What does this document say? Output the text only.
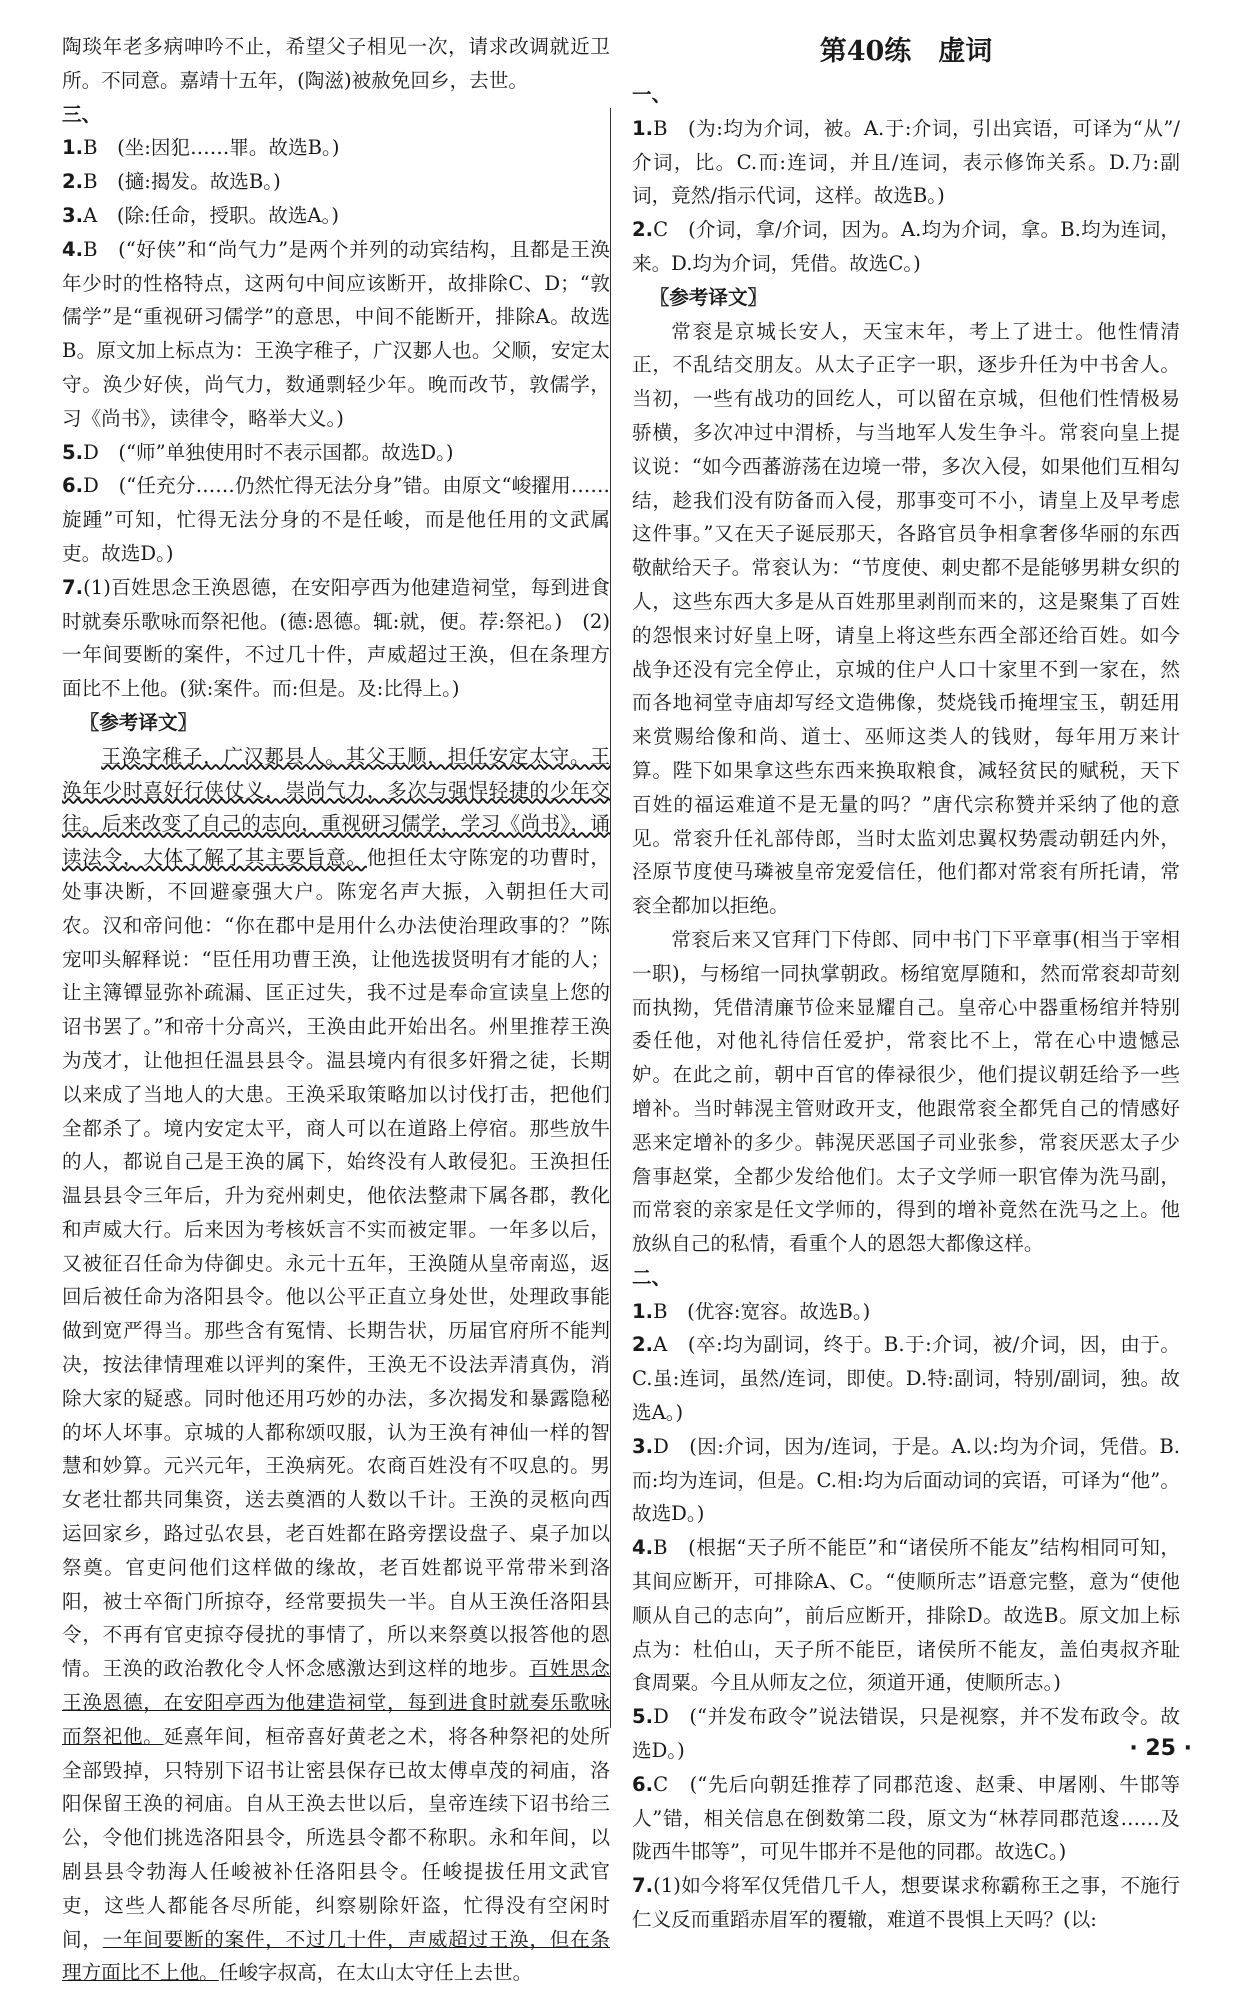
陶琰年老多病呻吟不止，希望父子相见一次，请求改调就近卫所。不同意。嘉靖十五年，(陶滋)被赦免回乡，去世。

三、

1.B　(坐:因犯……罪。故选B。)

2.B　(擿:揭发。故选B。)

3.A　(除:任命，授职。故选A。)

4.B　(“好侠”和“尚气力”是两个并列的动宾结构，且都是王涣年少时的性格特点，这两句中间应该断开，故排除C、D；“敦儒学”是“重视研习儒学”的意思，中间不能断开，排除A。故选B。原文加上标点为：王涣字稚子，广汉郪人也。父顺，安定太守。涣少好侠，尚气力，数通剽轻少年。晚而改节，敦儒学，习《尚书》，读律令，略举大义。)

5.D　(“师”单独使用时不表示国都。故选D。)

6.D　(“任充分……仍然忙得无法分身”错。由原文“峻擢用……旋踵”可知，忙得无法分身的不是任峻，而是他任用的文武属吏。故选D。)

7.(1)百姓思念王涣恩德，在安阳亭西为他建造祠堂，每到进食时就奏乐歌咏而祭祀他。(德:恩德。辄:就，便。荐:祭祀。)　(2)一年间要断的案件，不过几十件，声威超过王涣，但在条理方面比不上他。(狱:案件。而:但是。及:比得上。)

〖参考译文〗

王涣字稚子，广汉郪县人。其父王顺，担任安定太守。王涣年少时喜好行侠仗义，崇尚气力，多次与强悍轻捷的少年交往。后来改变了自己的志向，重视研习儒学，学习《尚书》，诵读法令，大体了解了其主要旨意。他担任太守陈宠的功曹时，处事决断，不回避豪强大户。陈宠名声大振，入朝担任大司农。汉和帝问他：“你在郡中是用什么办法使治理政事的？”陈宠叩头解释说：“臣任用功曹王涣，让他选拔贤明有才能的人；让主簿镡显弥补疏漏、匡正过失，我不过是奉命宣读皇上您的诏书罢了。”和帝十分高兴，王涣由此开始出名。州里推荐王涣为茂才，让他担任温县县令。温县境内有很多奸猾之徒，长期以来成了当地人的大患。王涣采取策略加以讨伐打击，把他们全都杀了。境内安定太平，商人可以在道路上停宿。那些放牛的人，都说自己是王涣的属下，始终没有人敢侵犯。王涣担任温县县令三年后，升为兖州刺史，他依法整肃下属各郡，教化和声威大行。后来因为考核妖言不实而被定罪。一年多以后，又被征召任命为侍御史。永元十五年，王涣随从皇帝南巡，返回后被任命为洛阳县令。他以公平正直立身处世，处理政事能做到宽严得当。那些含有冤情、长期告状，历届官府所不能判决，按法律情理难以评判的案件，王涣无不设法弄清真伪，消除大家的疑惑。同时他还用巧妙的办法，多次揭发和暴露隐秘的坏人坏事。京城的人都称颂叹服，认为王涣有神仙一样的智慧和妙算。元兴元年，王涣病死。农商百姓没有不叹息的。男女老壮都共同集资，送去奠酒的人数以千计。王涣的灵柩向西运回家乡，路过弘农县，老百姓都在路旁摆设盘子、桌子加以祭奠。官吏问他们这样做的缘故，老百姓都说平常带米到洛阳，被士卒衙门所掠夺，经常要损失一半。自从王涣任洛阳县令，不再有官吏掠夺侵扰的事情了，所以来祭奠以报答他的恩情。王涣的政治教化令人怀念感激达到这样的地步。百姓思念王涣恩德，在安阳亭西为他建造祠堂，每到进食时就奏乐歌咏而祭祀他。延熹年间，桓帝喜好黄老之术，将各种祭祀的处所全部毁掉，只特别下诏书让密县保存已故太傅卓茂的祠庙，洛阳保留王涣的祠庙。自从王涣去世以后，皇帝连续下诏书给三公，令他们挑选洛阳县令，所选县令都不称职。永和年间，以剧县县令勃海人任峻被补任洛阳县令。任峻提拔任用文武官吏，这些人都能各尽所能，纠察剔除奸盗，忙得没有空闲时间，一年间要断的案件，不过几十件，声威超过王涣，但在条理方面比不上他。任峻字叔高，在太山太守任上去世。

第40练　虚词

一、

1.B　(为:均为介词，被。A.于:介词，引出宾语，可译为“从”/介词，比。C.而:连词，并且/连词，表示修饰关系。D.乃:副词，竟然/指示代词，这样。故选B。)

2.C　(介词，拿/介词，因为。A.均为介词，拿。B.均为连词，来。D.均为介词，凭借。故选C。)

〖参考译文〗

常衮是京城长安人，天宝末年，考上了进士。他性情清正，不乱结交朋友。从太子正字一职，逐步升任为中书舍人。当初，一些有战功的回纥人，可以留在京城，但他们性情极易骄横，多次冲过中渭桥，与当地军人发生争斗。常衮向皇上提议说：“如今西蕃游荡在边境一带，多次入侵，如果他们互相勾结，趁我们没有防备而入侵，那事变可不小，请皇上及早考虑这件事。”又在天子诞辰那天，各路官员争相拿奢侈华丽的东西敬献给天子。常衮认为：“节度使、刺史都不是能够男耕女织的人，这些东西大多是从百姓那里剥削而来的，这是聚集了百姓的怨恨来讨好皇上呀，请皇上将这些东西全部还给百姓。如今战争还没有完全停止，京城的住户人口十家里不到一家在，然而各地祠堂寺庙却写经文造佛像，焚烧钱币掩埋宝玉，朝廷用来赏赐给像和尚、道士、巫师这类人的钱财，每年用万来计算。陛下如果拿这些东西来换取粮食，减轻贫民的赋税，天下百姓的福运难道不是无量的吗？”唐代宗称赞并采纳了他的意见。常衮升任礼部侍郎，当时太监刘忠翼权势震动朝廷内外，泾原节度使马璘被皇帝宠爱信任，他们都对常衮有所托请，常衮全都加以拒绝。

常衮后来又官拜门下侍郎、同中书门下平章事(相当于宰相一职)，与杨绾一同执掌朝政。杨绾宽厚随和，然而常衮却苛刻而执拗，凭借清廉节俭来显耀自己。皇帝心中器重杨绾并特别委任他，对他礼待信任爱护，常衮比不上，常在心中遗憾忌妒。在此之前，朝中百官的俸禄很少，他们提议朝廷给予一些增补。当时韩滉主管财政开支，他跟常衮全都凭自己的情感好恶来定增补的多少。韩滉厌恶国子司业张参，常衮厌恶太子少詹事赵棠，全都少发给他们。太子文学师一职官俸为洗马副，而常衮的亲家是任文学师的，得到的增补竟然在洗马之上。他放纵自己的私情，看重个人的恩怨大都像这样。

二、

1.B　(优容:宽容。故选B。)

2.A　(卒:均为副词，终于。B.于:介词，被/介词，因，由于。C.虽:连词，虽然/连词，即使。D.特:副词，特别/副词，独。故选A。)

3.D　(因:介词，因为/连词，于是。A.以:均为介词，凭借。B.而:均为连词，但是。C.相:均为后面动词的宾语，可译为“他”。故选D。)

4.B　(根据“天子所不能臣”和“诸侯所不能友”结构相同可知，其间应断开，可排除A、C。“使顺所志”语意完整，意为“使他顺从自己的志向”，前后应断开，排除D。故选B。原文加上标点为：杜伯山，天子所不能臣，诸侯所不能友，盖伯夷叔齐耻食周粟。今且从师友之位，须道开通，使顺所志。)

5.D　(“并发布政令”说法错误，只是视察，并不发布政令。故选D。)

6.C　(“先后向朝廷推荐了同郡范逡、赵秉、申屠刚、牛邯等人”错，相关信息在倒数第二段，原文为“林荐同郡范逡……及陇西牛邯等”，可见牛邯并不是他的同郡。故选C。)

7.(1)如今将军仅凭借几千人，想要谋求称霸称王之事，不施行仁义反而重蹈赤眉军的覆辙，难道不畏惧上天吗？(以:

· 25 ·
